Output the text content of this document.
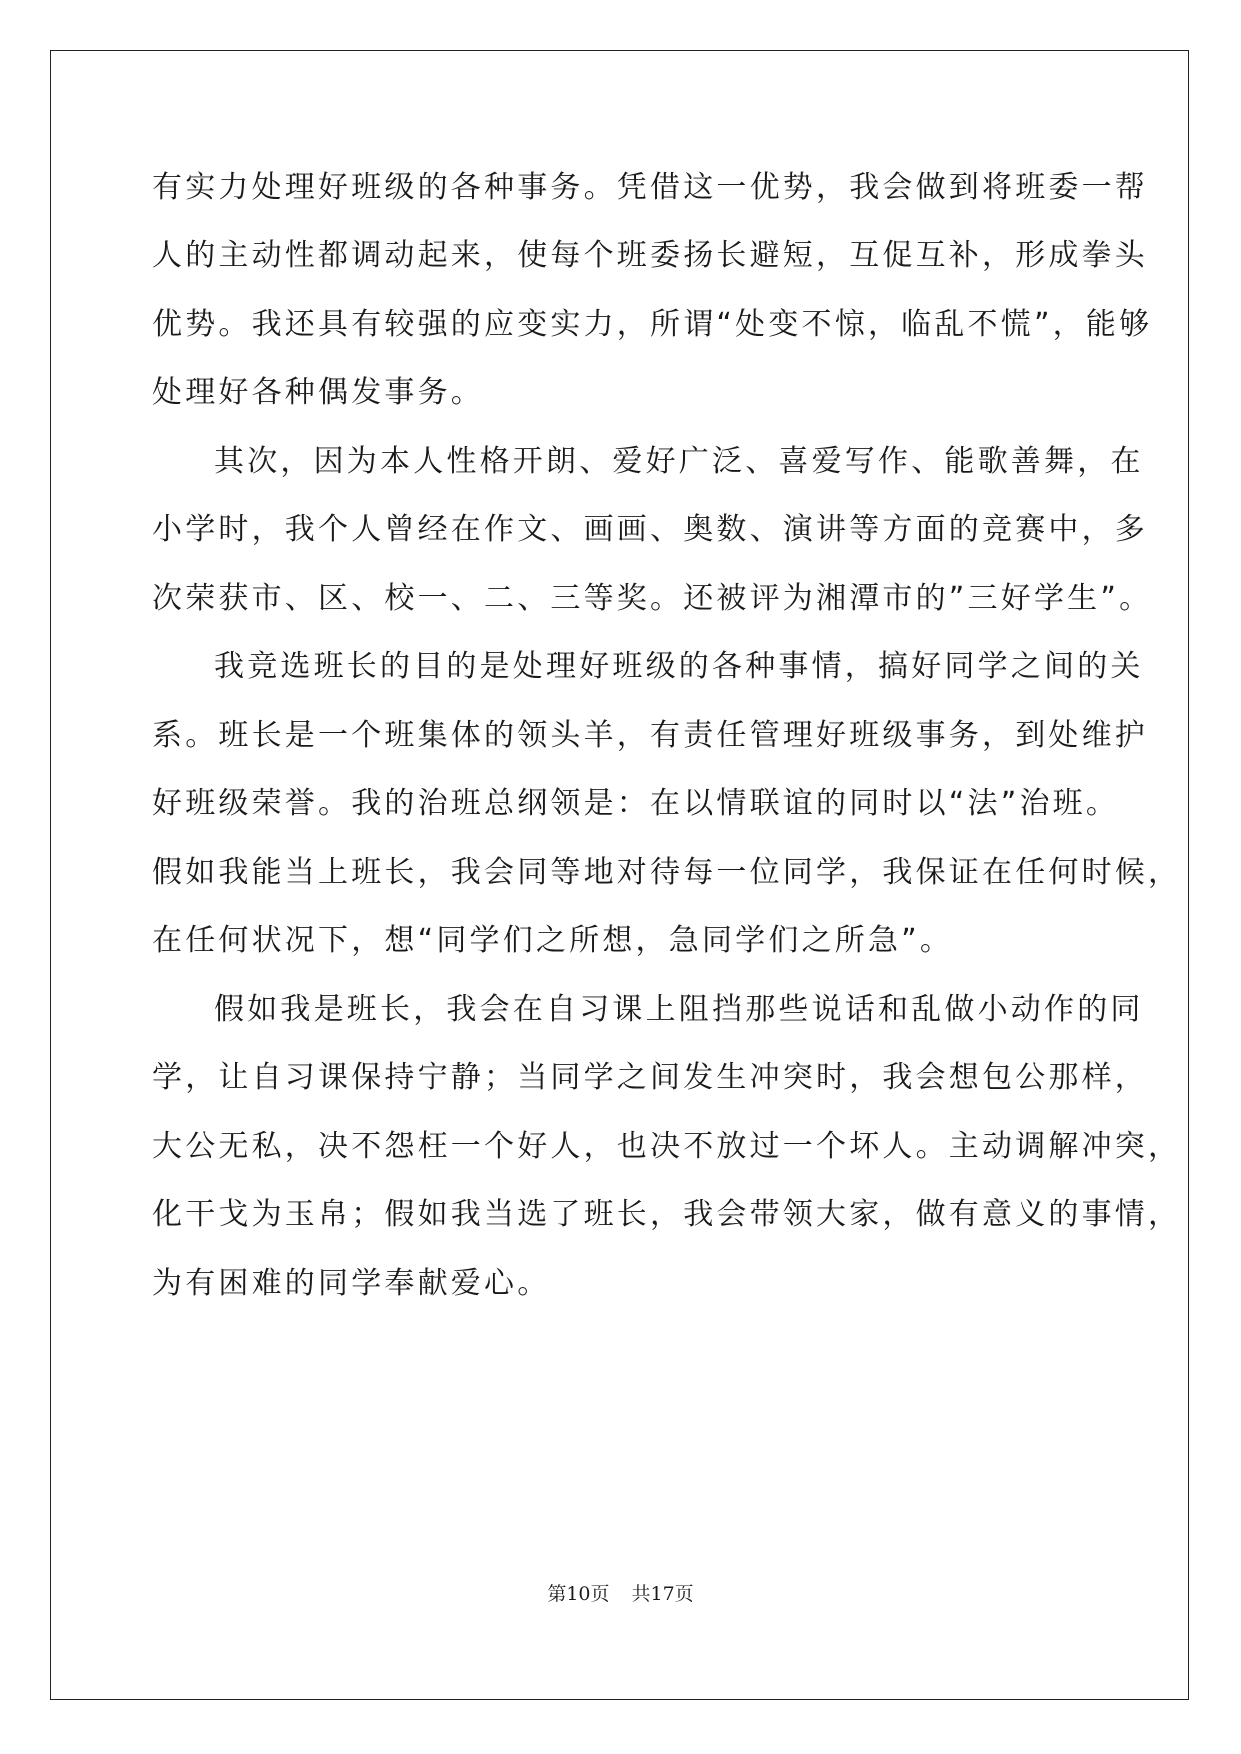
有实力处理好班级的各种事务。凭借这一优势，我会做到将班委一帮
人的主动性都调动起来，使每个班委扬长避短，互促互补，形成拳头
优势。我还具有较强的应变实力，所谓“处变不惊，临乱不慌”，能够
处理好各种偶发事务。
其次，因为本人性格开朗、爱好广泛、喜爱写作、能歌善舞，在
小学时，我个人曾经在作文、画画、奥数、演讲等方面的竞赛中，多
次荣获市、区、校一、二、三等奖。还被评为湘潭市的”三好学生”。
我竞选班长的目的是处理好班级的各种事情，搞好同学之间的关
系。班长是一个班集体的领头羊，有责任管理好班级事务，到处维护
好班级荣誉。我的治班总纲领是：在以情联谊的同时以“法”治班。
假如我能当上班长，我会同等地对待每一位同学，我保证在任何时候，
在任何状况下，想“同学们之所想，急同学们之所急”。
假如我是班长，我会在自习课上阻挡那些说话和乱做小动作的同
学，让自习课保持宁静；当同学之间发生冲突时，我会想包公那样，
大公无私，决不怨枉一个好人，也决不放过一个坏人。主动调解冲突，
化干戈为玉帛；假如我当选了班长，我会带领大家，做有意义的事情，
为有困难的同学奉献爱心。
第10页 共17页
